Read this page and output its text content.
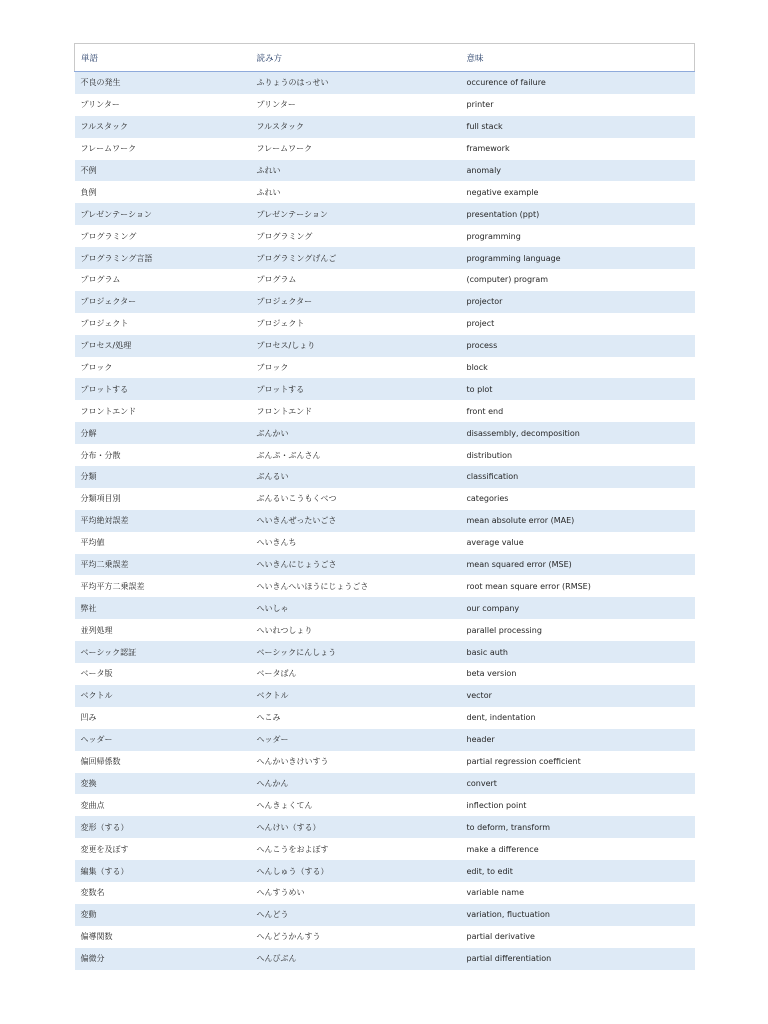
単語	読み方	意味
不良の発生	ふりょうのはっせい	occurence of failure
プリンター	プリンター	printer
フルスタック	フルスタック	full stack
フレームワーク	フレームワーク	framework
不例	ふれい	anomaly
負例	ふれい	negative example
プレゼンテーション	プレゼンテーション	presentation (ppt)
プログラミング	プログラミング	programming
プログラミング言語	プログラミングげんご	programming language
プログラム	プログラム	(computer) program
プロジェクター	プロジェクター	projector
プロジェクト	プロジェクト	project
プロセス/処理	プロセス/しょり	process
ブロック	ブロック	block
プロットする	プロットする	to plot
フロントエンド	フロントエンド	front end
分解	ぶんかい	disassembly, decomposition
分布・分散	ぶんぷ・ぶんさん	distribution
分類	ぶんるい	classification
分類項目別	ぶんるいこうもくべつ	categories
平均絶対誤差	へいきんぜったいごさ	mean absolute error (MAE)
平均値	へいきんち	average value
平均二乗誤差	へいきんにじょうごさ	mean squared error (MSE)
平均平方二乗誤差	へいきんへいほうにじょうごさ	root mean square error (RMSE)
弊社	へいしゃ	our company
並列処理	へいれつしょり	parallel processing
ベーシック認証	ベーシックにんしょう	basic auth
ベータ版	ベータばん	beta version
ベクトル	ベクトル	vector
凹み	へこみ	dent, indentation
ヘッダー	ヘッダー	header
偏回帰係数	へんかいきけいすう	partial regression coefficient
変換	へんかん	convert
変曲点	へんきょくてん	inflection point
変形（する）	へんけい（する）	to deform, transform
変更を及ぼす	へんこうをおよぼす	make a difference
編集（する）	へんしゅう（する）	edit, to edit
変数名	へんすうめい	variable name
変動	へんどう	variation, fluctuation
偏導関数	へんどうかんすう	partial derivative
偏微分	へんびぶん	partial differentiation
